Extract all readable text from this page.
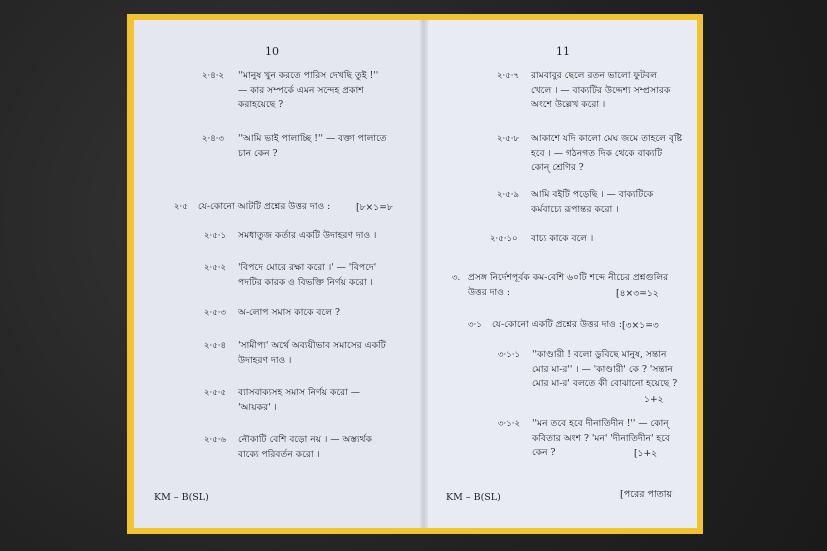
10
২·৪·২ ''মানুষ খুন করতে পারিস দেখছি তুই !''
— কার সম্পর্কে এমন সন্দেহ প্রকাশ
করাহয়েছে ?
২·৪·৩ ''আমি ভাই পালাচ্ছি !'' — বক্তা পালাতে
চান কেন ?
২·৫ যে-কোনো আটটি প্রশ্নের উত্তর দাও :	[৮×১=৮
২·৫·১ সমধাতুজ কর্তার একটি উদাহরণ দাও ।
২·৫·২ 'বিপদে মোরে রক্ষা করো ।' — 'বিপদে'
পদটির কারক ও বিভক্তি নির্ণয় করো ।
২·৫·৩ অ-লোপ সমাস কাকে বলে ?
২·৫·৪ 'সামীপ্য' অর্থে অব্যয়ীভাব সমাসের একটি
উদাহরণ দাও ।
২·৫·৫ ব্যাসবাক্যসহ সমাস নির্ণয় করো —
'আয়কর' ।
২·৫·৬ নৌকাটি বেশি বড়ো নয় । — অস্ত্যর্থক
বাক্যে পরিবর্তন করো ।
KM – B(SL)
11
২·৫·৭ রামবাবুর ছেলে রতন ভালো ফুটবল
খেলে । — বাক্যটির উদ্দেশ্য সম্প্রসারক
অংশে উল্লেখ করো ।
২·৫·৮ আকাশে যদি কালো মেঘ জমে তাহলে বৃষ্টি
হবে । — গঠনগত দিক থেকে বাক্যটি
কোন্ শ্রেণির ?
২·৫·৯ আমি বইটি পড়েছি । — বাক্যটিকে
কর্মবাচ্যে রূপান্তর করো ।
২·৫·১০ বাচ্য কাকে বলে ।
৩. প্রসঙ্গ নির্দেশপূর্বক কম-বেশি ৬০টি শব্দে নীচের প্রশ্নগুলির
উত্তর দাও :	[৪×৩=১২
৩·১ যে-কোনো একটি প্রশ্নের উত্তর দাও : [৩×১=৩
৩·১·১ ''কাণ্ডারী ! বলো ডুবিছে মানুষ, সন্তান
মোর মা-র'' । — 'কাণ্ডারী' কে ? 'সন্তান
মোর মা-র' বলতে কী বোঝানো হয়েছে ?
১+২
৩·১·২ ''মন তবে হবে দীনাতিদীন !'' — কোন্
কবিতার অংশ ? 'মন' 'দীনাতিদীন' হবে
কেন ?	[১+২
KM – B(SL)	[পরের পাতায়
